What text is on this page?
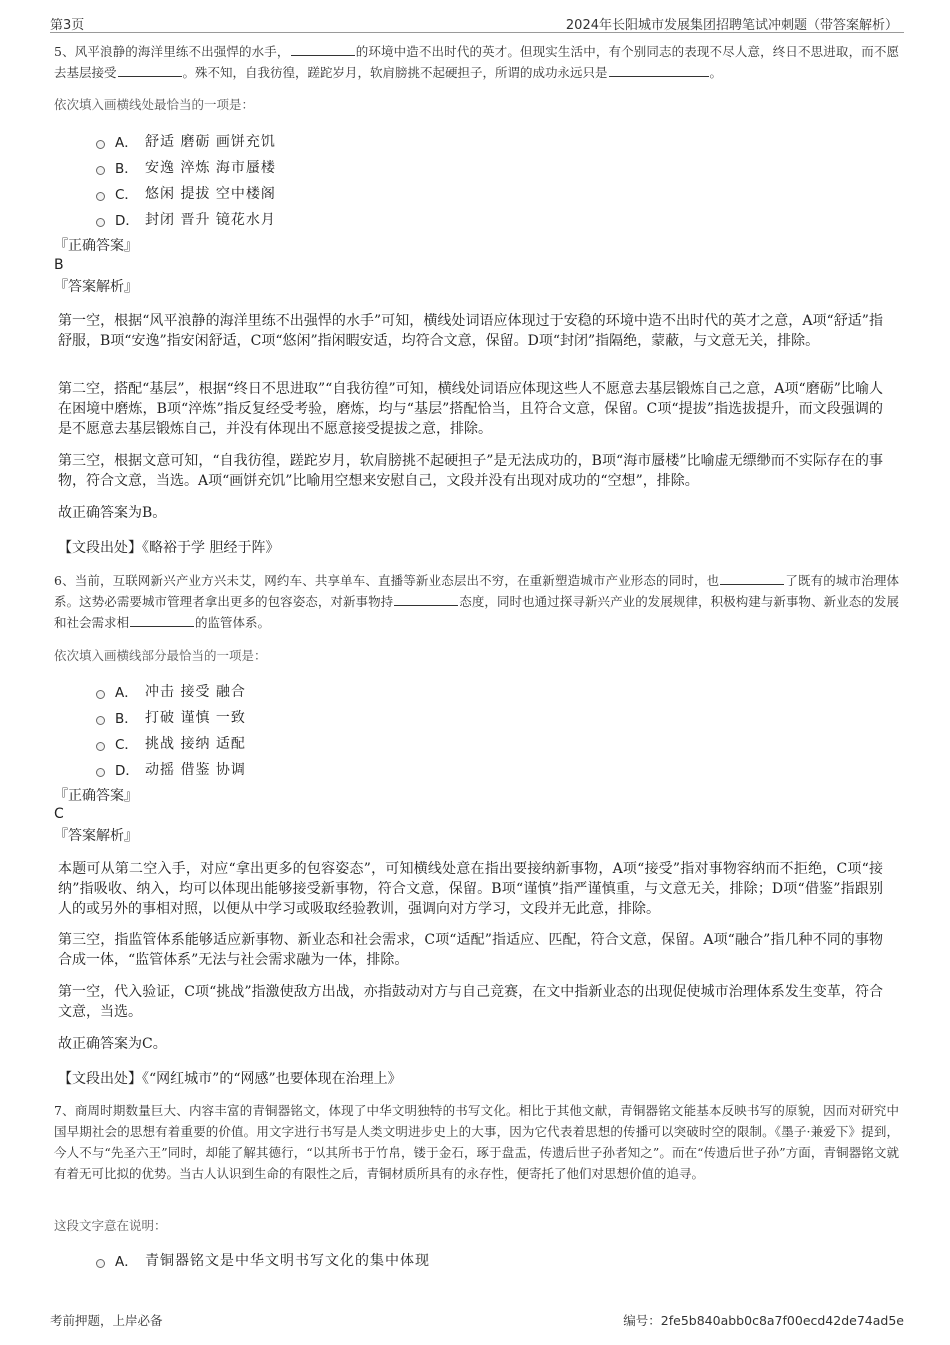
第3页	2024年长阳城市发展集团招聘笔试冲刺题（带答案解析）
5、风平浪静的海洋里练不出强悍的水手，	的环境中造不出时代的英才。但现实生活中，有个别同志的表现不尽人意，终日不思进取，而不愿去基层接受	。殊不知，自我彷徨，蹉跎岁月，软肩膀挑不起硬担子，所谓的成功永远只是	。
依次填入画横线处最恰当的一项是：
A． 舒适 磨砺 画饼充饥
B． 安逸 淬炼 海市蜃楼
C． 悠闲 提拔 空中楼阁
D． 封闭 晋升 镜花水月
『正确答案』
B
『答案解析』
第一空，根据“风平浪静的海洋里练不出强悍的水手”可知，横线处词语应体现过于安稳的环境中造不出时代的英才之意，A项“舒适”指舒服，B项“安逸”指安闲舒适，C项“悠闲”指闲暇安适，均符合文意，保留。D项“封闭”指隔绝，蒙蔽，与文意无关，排除。
第二空，搭配“基层”，根据“终日不思进取”“自我彷徨”可知，横线处词语应体现这些人不愿意去基层锻炼自己之意，A项“磨砺”比喻人在困境中磨炼，B项“淬炼”指反复经受考验，磨炼，均与“基层”搭配恰当，且符合文意，保留。C项“提拔”指选拔提升，而文段强调的是不愿意去基层锻炼自己，并没有体现出不愿意接受提拔之意，排除。
第三空，根据文意可知，“自我彷徨，蹉跎岁月，软肩膀挑不起硬担子”是无法成功的，B项“海市蜃楼”比喻虚无缥缈而不实际存在的事物，符合文意，当选。A项“画饼充饥”比喻用空想来安慰自己，文段并没有出现对成功的“空想”，排除。
故正确答案为B。
【文段出处】《略裕于学 胆经于阵》
6、当前，互联网新兴产业方兴未艾，网约车、共享单车、直播等新业态层出不穷，在重新塑造城市产业形态的同时，也	了既有的城市治理体系。这势必需要城市管理者拿出更多的包容姿态，对新事物持	态度，同时也通过探寻新兴产业的发展规律，积极构建与新事物、新业态的发展和社会需求相	的监管体系。
依次填入画横线部分最恰当的一项是：
A． 冲击 接受 融合
B． 打破 谨慎 一致
C． 挑战 接纳 适配
D． 动摇 借鉴 协调
『正确答案』
C
『答案解析』
本题可从第二空入手，对应“拿出更多的包容姿态”，可知横线处意在指出要接纳新事物，A项“接受”指对事物容纳而不拒绝，C项“接纳”指吸收、纳入，均可以体现出能够接受新事物，符合文意，保留。B项“谨慎”指严谨慎重，与文意无关，排除；D项“借鉴”指跟别人的或另外的事相对照，以便从中学习或吸取经验教训，强调向对方学习，文段并无此意，排除。
第三空，指监管体系能够适应新事物、新业态和社会需求，C项“适配”指适应、匹配，符合文意，保留。A项“融合”指几种不同的事物合成一体，“监管体系”无法与社会需求融为一体，排除。
第一空，代入验证，C项“挑战”指激使敌方出战，亦指鼓动对方与自己竞赛，在文中指新业态的出现促使城市治理体系发生变革，符合文意，当选。
故正确答案为C。
【文段出处】《“网红城市”的“网感”也要体现在治理上》
7、商周时期数量巨大、内容丰富的青铜器铭文，体现了中华文明独特的书写文化。相比于其他文献，青铜器铭文能基本反映书写的原貌，因而对研究中国早期社会的思想有着重要的价值。用文字进行书写是人类文明进步史上的大事，因为它代表着思想的传播可以突破时空的限制。《墨子·兼爱下》提到，今人不与“先圣六王”同时，却能了解其德行，“以其所书于竹帛，镂于金石，琢于盘盂，传遗后世子孙者知之”。而在“传遗后世子孙”方面，青铜器铭文就有着无可比拟的优势。当古人认识到生命的有限性之后，青铜材质所具有的永存性，便寄托了他们对思想价值的追寻。
这段文字意在说明：
A． 青铜器铭文是中华文明书写文化的集中体现
考前押题，上岸必备	编号：2fe5b840abb0c8a7f00ecd42de74ad5e
